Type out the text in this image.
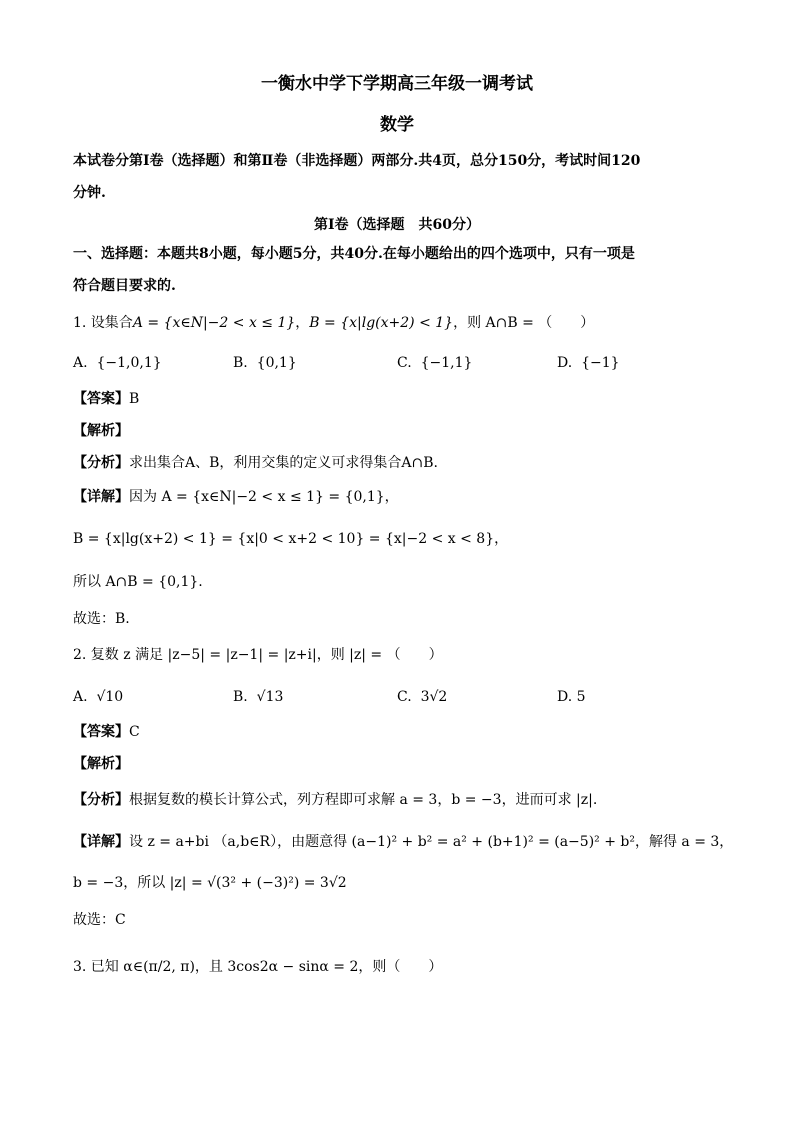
一衡水中学下学期高三年级一调考试
数学
本试卷分第Ⅰ卷（选择题）和第Ⅱ卷（非选择题）两部分.共4页，总分150分，考试时间120
分钟.
第Ⅰ卷（选择题　共60分）
一、选择题：本题共8小题，每小题5分，共40分.在每小题给出的四个选项中，只有一项是
符合题目要求的.
1. 设集合A = {x∈N|−2 < x ≤ 1}，B = {x|lg(x+2) < 1}，则 A∩B = （　　）
A. {−1,0,1}	B. {0,1}	C. {−1,1}	D. {−1}
【答案】B
【解析】
【分析】求出集合A、B，利用交集的定义可求得集合A∩B.
【详解】因为 A = {x∈N|−2 < x ≤ 1} = {0,1}，
B = {x|lg(x+2) < 1} = {x|0 < x+2 < 10} = {x|−2 < x < 8}，
所以 A∩B = {0,1}.
故选：B.
2. 复数 z 满足 |z−5| = |z−1| = |z+i|，则 |z| = （　　）
A. √10	B. √13	C. 3√2	D. 5
【答案】C
【解析】
【分析】根据复数的模长计算公式，列方程即可求解 a = 3，b = −3，进而可求 |z|.
【详解】设 z = a+bi （a,b∈R），由题意得 (a−1)² + b² = a² + (b+1)² = (a−5)² + b²，解得 a = 3，
b = −3，所以 |z| = √(3² + (−3)²) = 3√2
故选：C
3. 已知 α∈(π/2, π)，且 3cos2α − sinα = 2，则（　　）
